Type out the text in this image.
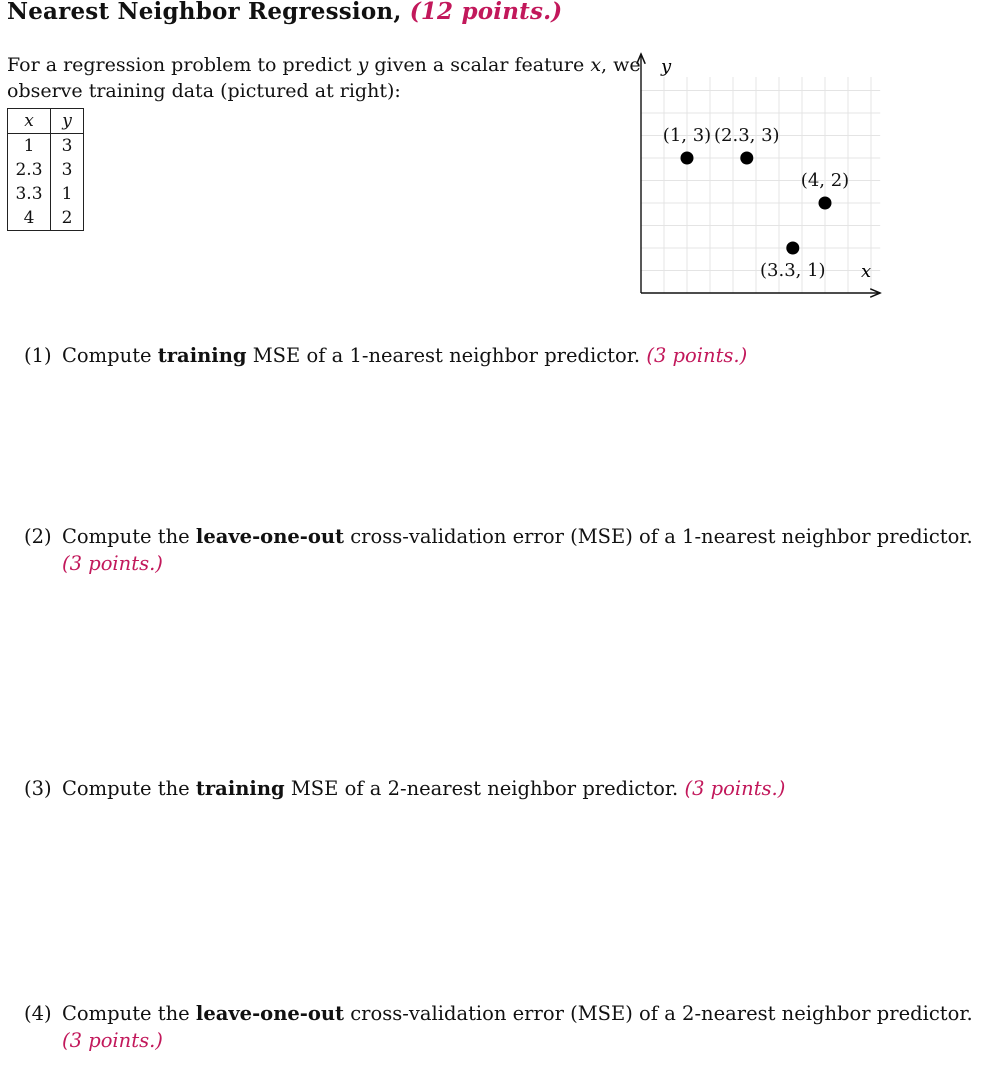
Nearest Neighbor Regression, (12 points.)
For a regression problem to predict y given a scalar feature x, we
observe training data (pictured at right):
x	y
1	3
2.3	3
3.3	1
4	2
y
x
(1, 3) (2.3, 3)
(3.3, 1)
(4, 2)
(1) Compute training MSE of a 1-nearest neighbor predictor. (3 points.)
(2) Compute the leave-one-out cross-validation error (MSE) of a 1-nearest neighbor predictor.
(3 points.)
(3) Compute the training MSE of a 2-nearest neighbor predictor. (3 points.)
(4) Compute the leave-one-out cross-validation error (MSE) of a 2-nearest neighbor predictor.
(3 points.)
